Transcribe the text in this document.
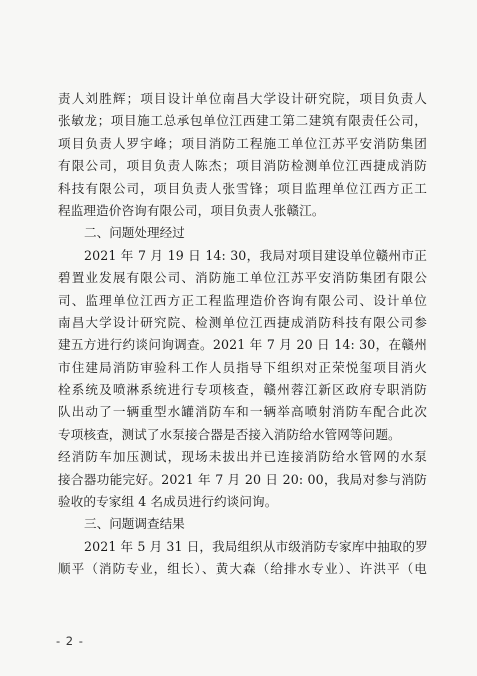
责人刘胜辉；项目设计单位南昌大学设计研究院，项目负责人
张敏龙；项目施工总承包单位江西建工第二建筑有限责任公司，
项目负责人罗宇峰；项目消防工程施工单位江苏平安消防集团
有限公司，项目负责人陈杰；项目消防检测单位江西捷成消防
科技有限公司，项目负责人张雪锋；项目监理单位江西方正工
程监理造价咨询有限公司，项目负责人张赣江。
二、问题处理经过
2021 年 7 月 19 日 14: 30，我局对项目建设单位赣州市正
碧置业发展有限公司、消防施工单位江苏平安消防集团有限公
司、监理单位江西方正工程监理造价咨询有限公司、设计单位
南昌大学设计研究院、检测单位江西捷成消防科技有限公司参
建五方进行约谈问询调查。2021 年 7 月 20 日 14: 30，在赣州
市住建局消防审验科工作人员指导下组织对正荣悦玺项目消火
栓系统及喷淋系统进行专项核查，赣州蓉江新区政府专职消防
队出动了一辆重型水罐消防车和一辆举高喷射消防车配合此次
专项核查，测试了水泵接合器是否接入消防给水管网等问题。
经消防车加压测试，现场未拔出并已连接消防给水管网的水泵
接合器功能完好。2021 年 7 月 20 日 20: 00，我局对参与消防
验收的专家组 4 名成员进行约谈问询。
三、问题调查结果
2021 年 5 月 31 日，我局组织从市级消防专家库中抽取的罗
顺平（消防专业，组长）、黄大森（给排水专业）、许洪平（电
- 2 -
